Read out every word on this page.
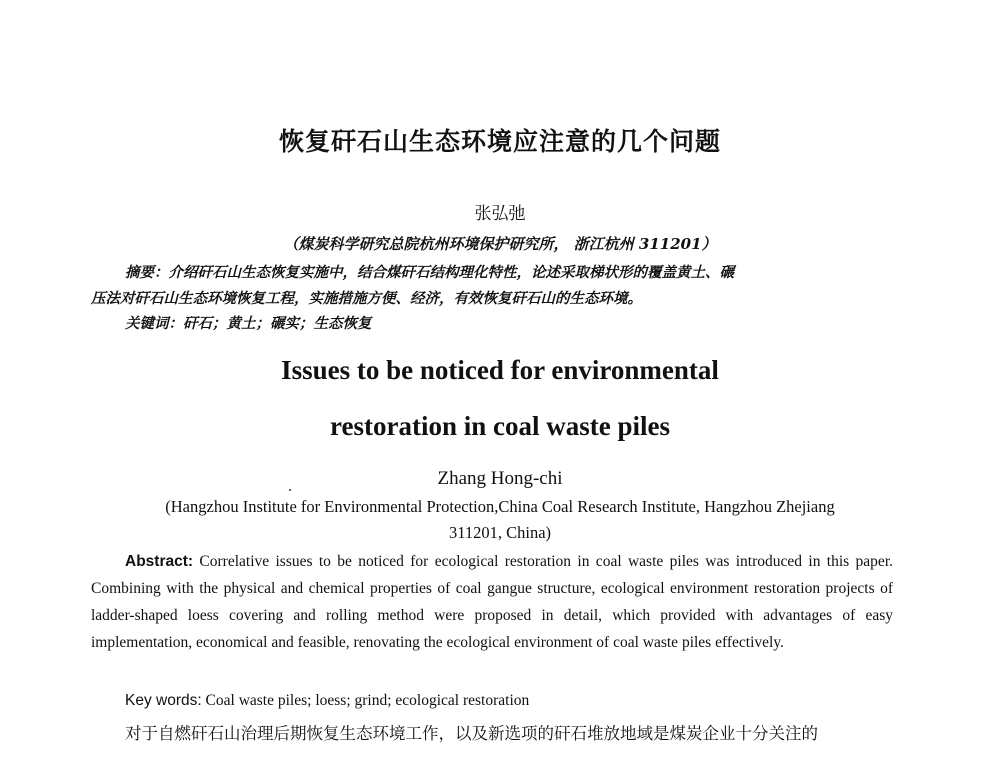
恢复矸石山生态环境应注意的几个问题
张弘弛
（煤炭科学研究总院杭州环境保护研究所， 浙江杭州 311201）
摘要：介绍矸石山生态恢复实施中，结合煤矸石结构理化特性，论述采取梯状形的覆盖黄土、碾
压法对矸石山生态环境恢复工程，实施措施方便、经济，有效恢复矸石山的生态环境。
关键词：矸石；黄土；碾实；生态恢复
Issues to be noticed for environmental
restoration in coal waste piles
Zhang Hong-chi
(Hangzhou Institute for Environmental Protection,China Coal Research Institute, Hangzhou Zhejiang
311201, China)
Abstract: Correlative issues to be noticed for ecological restoration in coal waste piles was introduced in this paper. Combining with the physical and chemical properties of coal gangue structure, ecological environment restoration projects of ladder-shaped loess covering and rolling method were proposed in detail, which provided with advantages of easy implementation, economical and feasible, renovating the ecological environment of coal waste piles effectively.
Key words: Coal waste piles; loess; grind; ecological restoration
对于自燃矸石山治理后期恢复生态环境工作，以及新选项的矸石堆放地域是煤炭企业十分关注的
